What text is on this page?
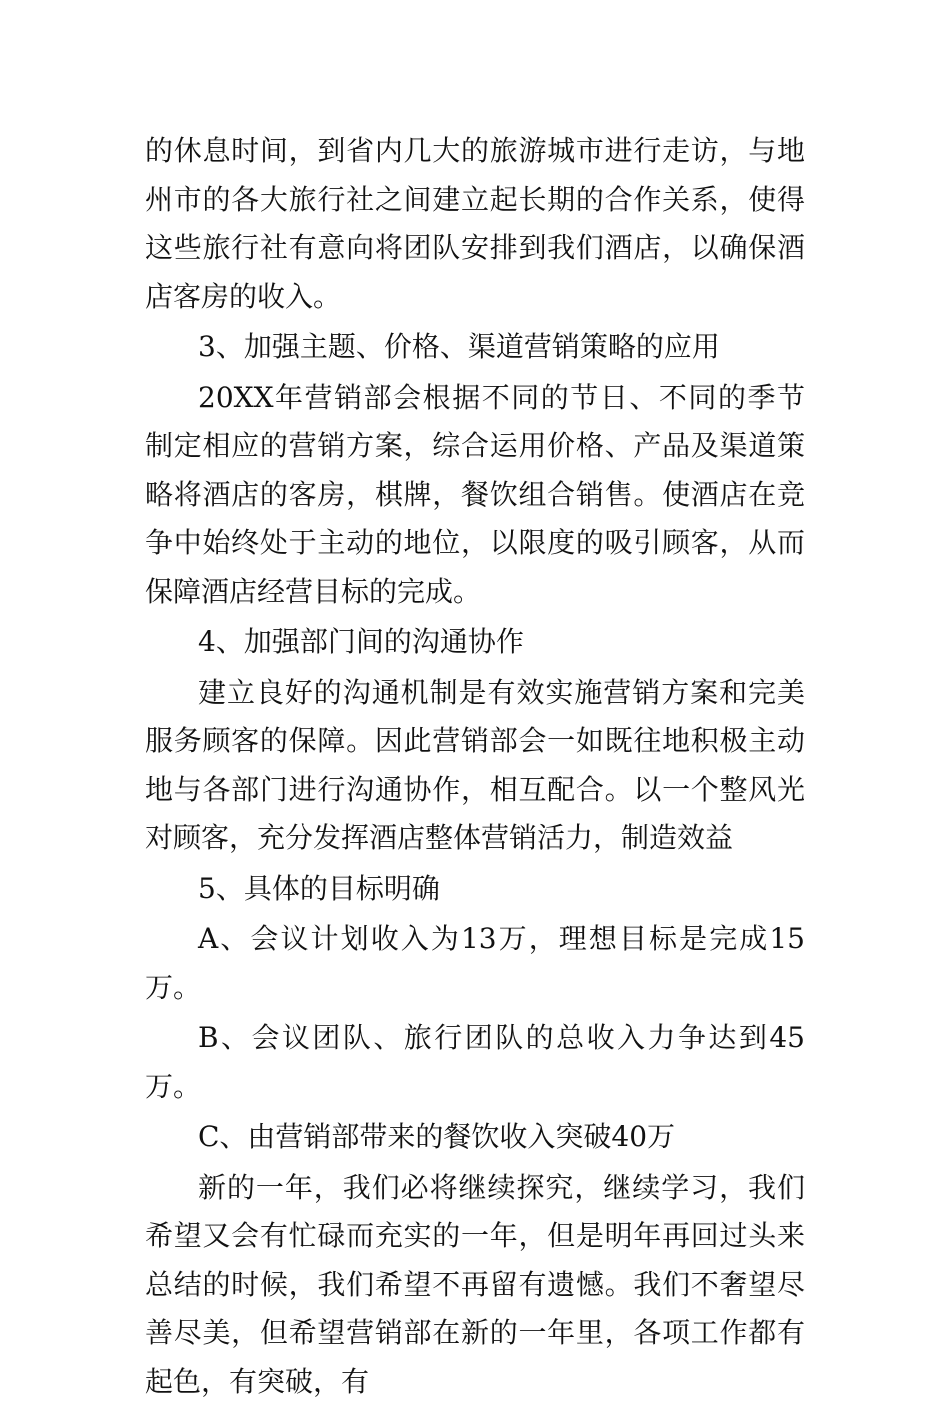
的休息时间，到省内几大的旅游城市进行走访，与地州市的各大旅行社之间建立起长期的合作关系，使得这些旅行社有意向将团队安排到我们酒店，以确保酒店客房的收入。

3、加强主题、价格、渠道营销策略的应用

20XX年营销部会根据不同的节日、不同的季节制定相应的营销方案，综合运用价格、产品及渠道策略将酒店的客房，棋牌，餐饮组合销售。使酒店在竞争中始终处于主动的地位，以限度的吸引顾客，从而保障酒店经营目标的完成。

4、加强部门间的沟通协作

建立良好的沟通机制是有效实施营销方案和完美服务顾客的保障。因此营销部会一如既往地积极主动地与各部门进行沟通协作，相互配合。以一个整风光对顾客，充分发挥酒店整体营销活力，制造效益

5、具体的目标明确

A、会议计划收入为13万，理想目标是完成15万。

B、会议团队、旅行团队的总收入力争达到45万。

C、由营销部带来的餐饮收入突破40万

新的一年，我们必将继续探究，继续学习，我们希望又会有忙碌而充实的一年，但是明年再回过头来总结的时候，我们希望不再留有遗憾。我们不奢望尽善尽美，但希望营销部在新的一年里，各项工作都有起色，有突破，有
